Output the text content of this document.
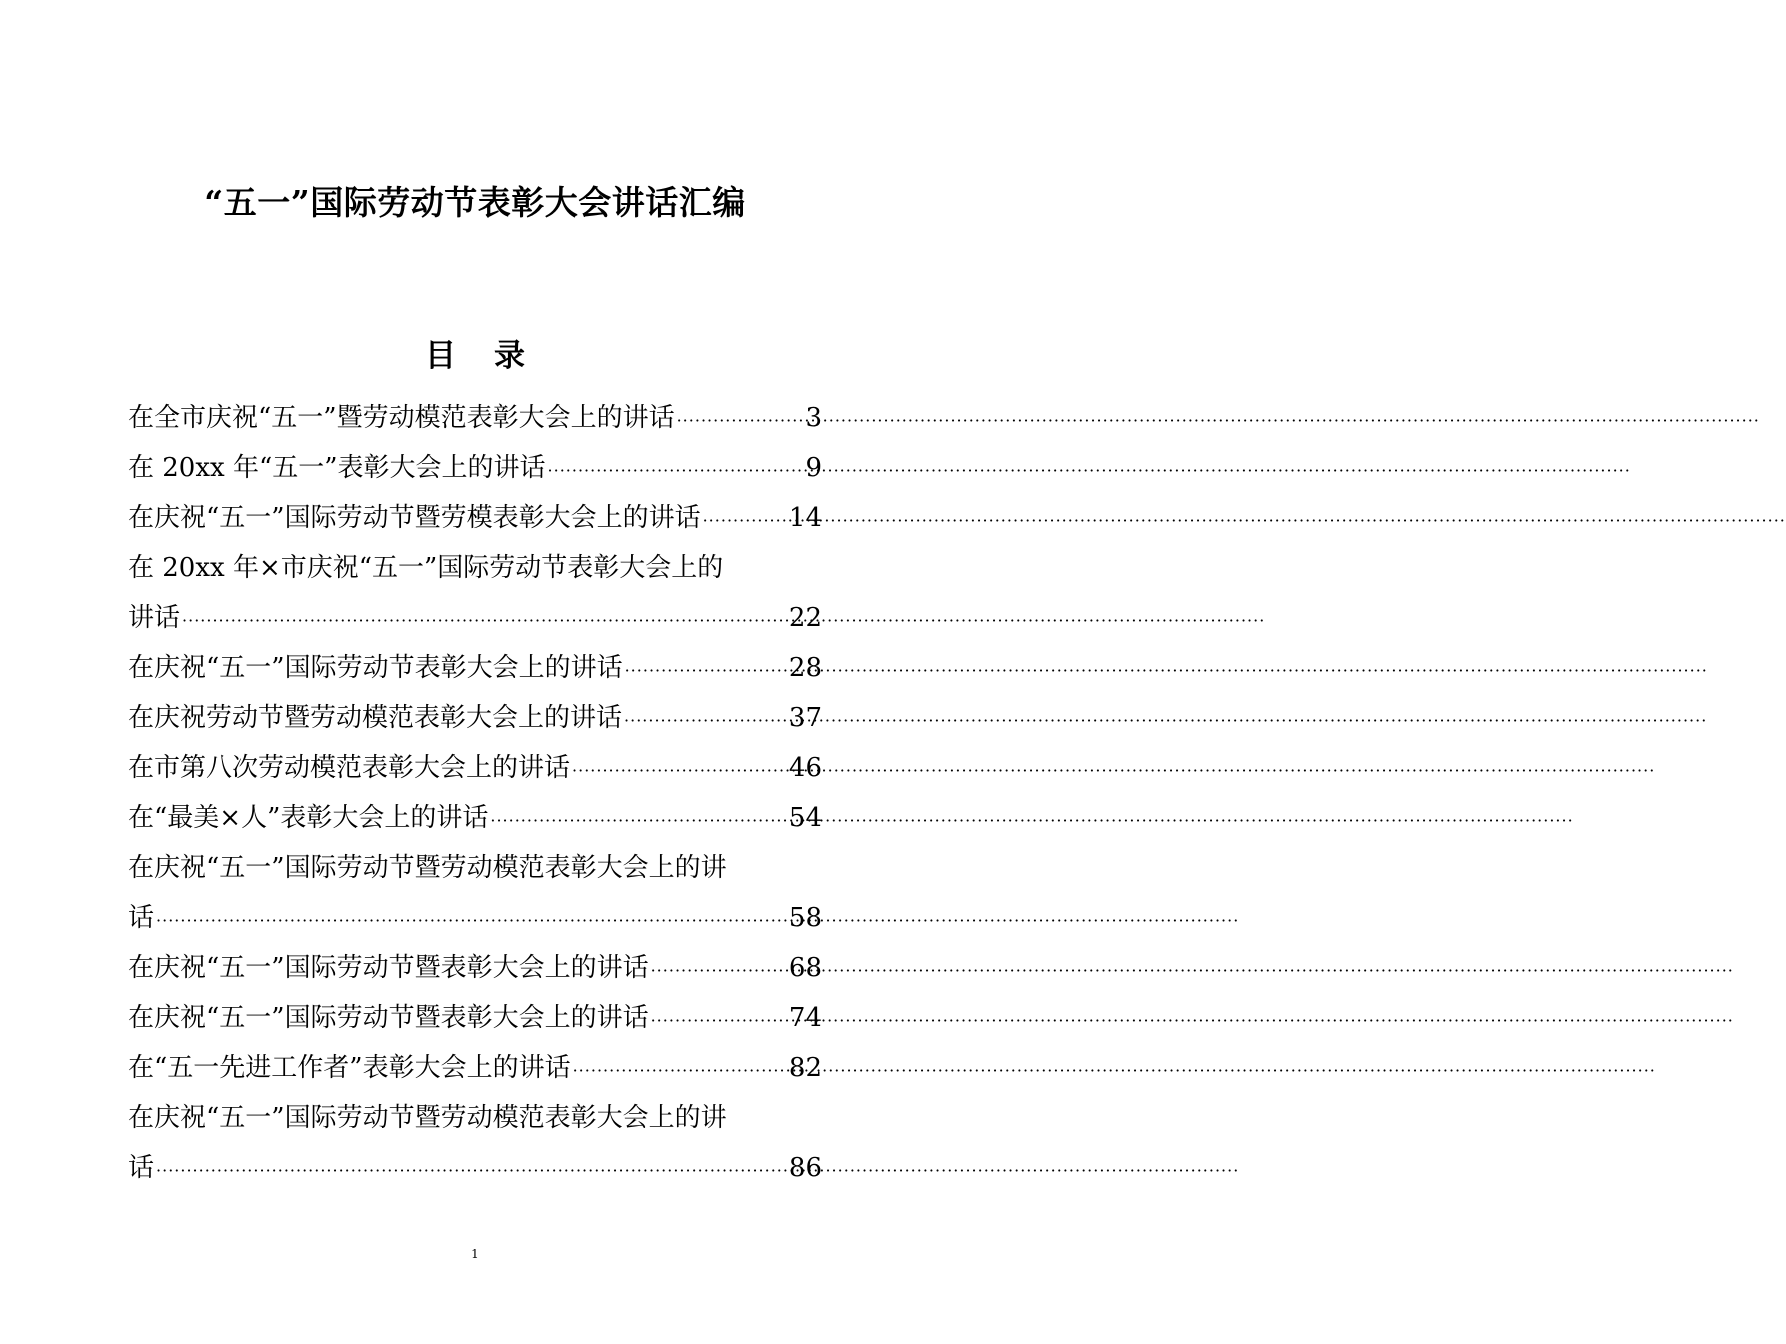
“五一”国际劳动节表彰大会讲话汇编
目 录
在全市庆祝“五一”暨劳动模范表彰大会上的讲话 ·····	3
在 20xx 年“五一”表彰大会上的讲话 ·····	9
在庆祝“五一”国际劳动节暨劳模表彰大会上的讲话 ·····	14
在 20xx 年×市庆祝“五一”国际劳动节表彰大会上的
讲话 ·····	22
在庆祝“五一”国际劳动节表彰大会上的讲话 ·····	28
在庆祝劳动节暨劳动模范表彰大会上的讲话 ·····	37
在市第八次劳动模范表彰大会上的讲话 ·····	46
在“最美×人”表彰大会上的讲话 ·····	54
在庆祝“五一”国际劳动节暨劳动模范表彰大会上的讲
话 ·····	58
在庆祝“五一”国际劳动节暨表彰大会上的讲话 ·····	68
在庆祝“五一”国际劳动节暨表彰大会上的讲话 ·····	74
在“五一先进工作者”表彰大会上的讲话 ·····	82
在庆祝“五一”国际劳动节暨劳动模范表彰大会上的讲
话 ·····	86
1
